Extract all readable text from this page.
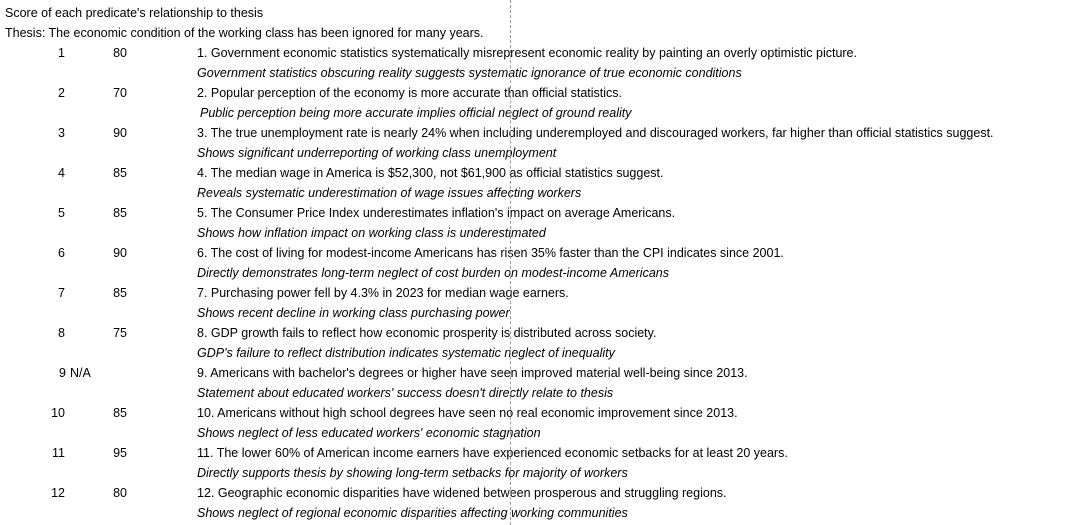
Score of each predicate's relationship to thesis
Thesis: The economic condition of the working class has been ignored for many years.
1	80	1. Government economic statistics systematically misrepresent economic reality by painting an overly optimistic picture.
Government statistics obscuring reality suggests systematic ignorance of true economic conditions
2	70	2. Popular perception of the economy is more accurate than official statistics.
Public perception being more accurate implies official neglect of ground reality
3	90	3. The true unemployment rate is nearly 24% when including underemployed and discouraged workers, far higher than official statistics suggest.
Shows significant underreporting of working class unemployment
4	85	4. The median wage in America is $52,300, not $61,900 as official statistics suggest.
Reveals systematic underestimation of wage issues affecting workers
5	85	5. The Consumer Price Index underestimates inflation's impact on average Americans.
Shows how inflation impact on working class is underestimated
6	90	6. The cost of living for modest-income Americans has risen 35% faster than the CPI indicates since 2001.
Directly demonstrates long-term neglect of cost burden on modest-income Americans
7	85	7. Purchasing power fell by 4.3% in 2023 for median wage earners.
Shows recent decline in working class purchasing power
8	75	8. GDP growth fails to reflect how economic prosperity is distributed across society.
GDP's failure to reflect distribution indicates systematic neglect of inequality
9 N/A	9. Americans with bachelor's degrees or higher have seen improved material well-being since 2013.
Statement about educated workers' success doesn't directly relate to thesis
10	85	10. Americans without high school degrees have seen no real economic improvement since 2013.
Shows neglect of less educated workers' economic stagnation
11	95	11. The lower 60% of American income earners have experienced economic setbacks for at least 20 years.
Directly supports thesis by showing long-term setbacks for majority of workers
12	80	12. Geographic economic disparities have widened between prosperous and struggling regions.
Shows neglect of regional economic disparities affecting working communities
